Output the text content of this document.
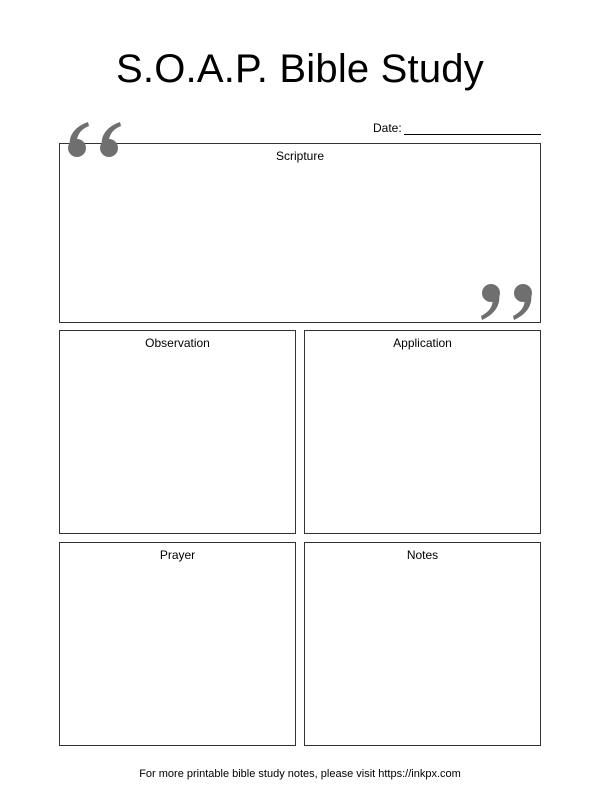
S.O.A.P. Bible Study
Date:
Scripture
Observation	Application
Prayer	Notes
For more printable bible study notes, please visit https://inkpx.com
